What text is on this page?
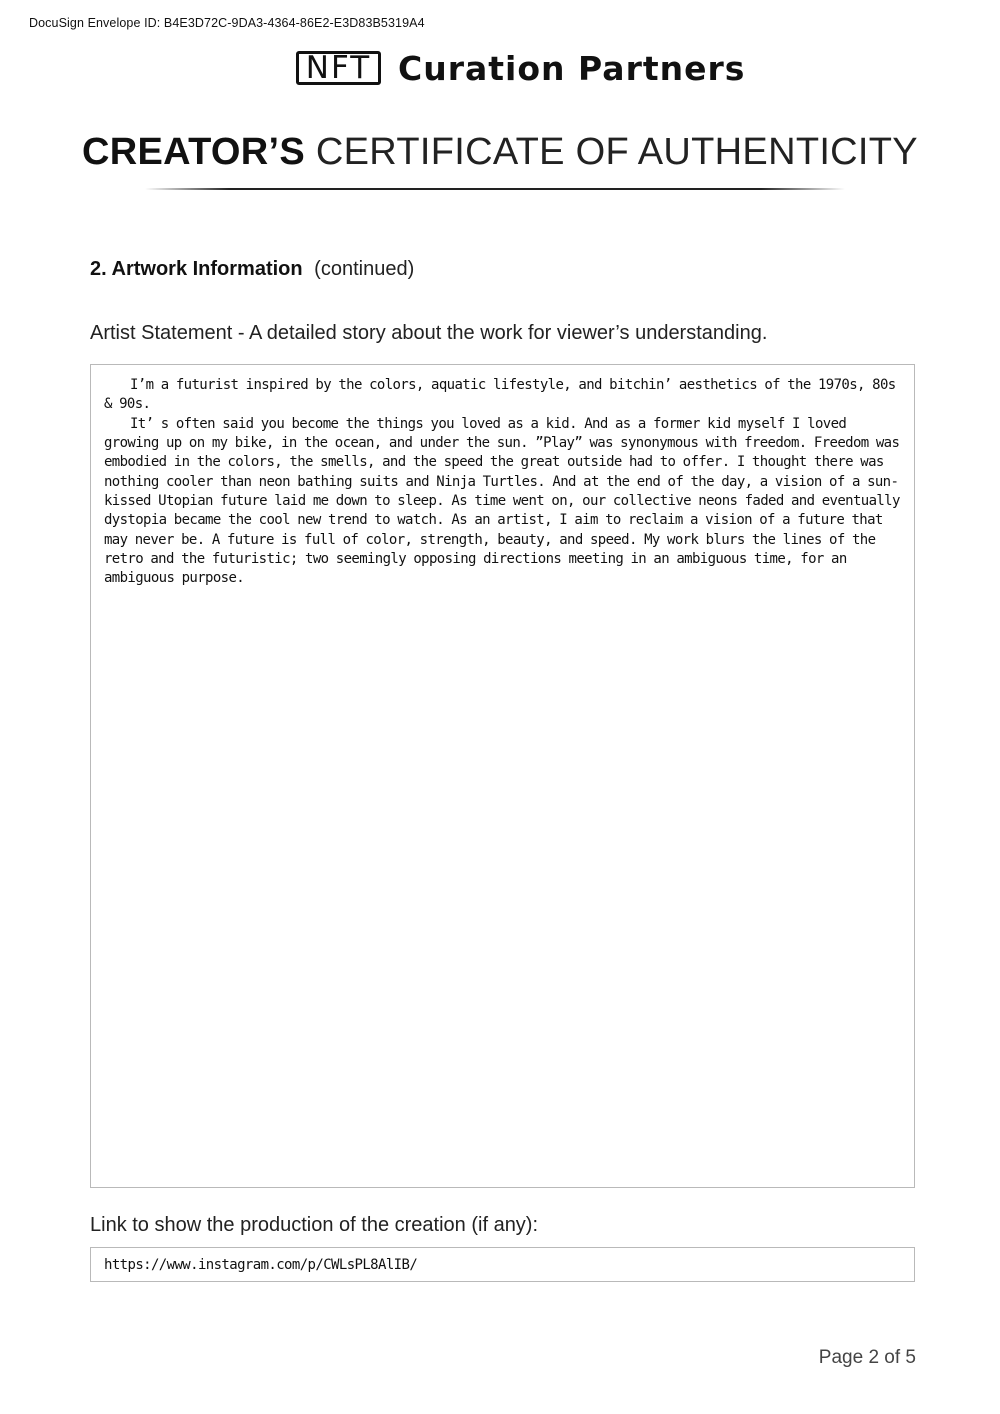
DocuSign Envelope ID: B4E3D72C-9DA3-4364-86E2-E3D83B5319A4
NFT Curation Partners
CREATOR’S CERTIFICATE OF AUTHENTICITY
2. Artwork Information (continued)
Artist Statement - A detailed story about the work for viewer’s understanding.

I’m a futurist inspired by the colors, aquatic lifestyle, and bitchin’ aesthetics of the 1970s, 80s & 90s.

It’ s often said you become the things you loved as a kid. And as a former kid myself I loved growing up on my bike, in the ocean, and under the sun. ”Play” was synonymous with freedom. Freedom was embodied in the colors, the smells, and the speed the great outside had to offer. I thought there was nothing cooler than neon bathing suits and Ninja Turtles. And at the end of the day, a vision of a sun-kissed Utopian future laid me down to sleep. As time went on, our collective neons faded and eventually dystopia became the cool new trend to watch. As an artist, I aim to reclaim a vision of a future that may never be. A future is full of color, strength, beauty, and speed. My work blurs the lines of the retro and the futuristic; two seemingly opposing directions meeting in an ambiguous time, for an ambiguous purpose.

Link to show the production of the creation (if any):
https://www.instagram.com/p/CWLsPL8AlIB/
Page 2 of 5
